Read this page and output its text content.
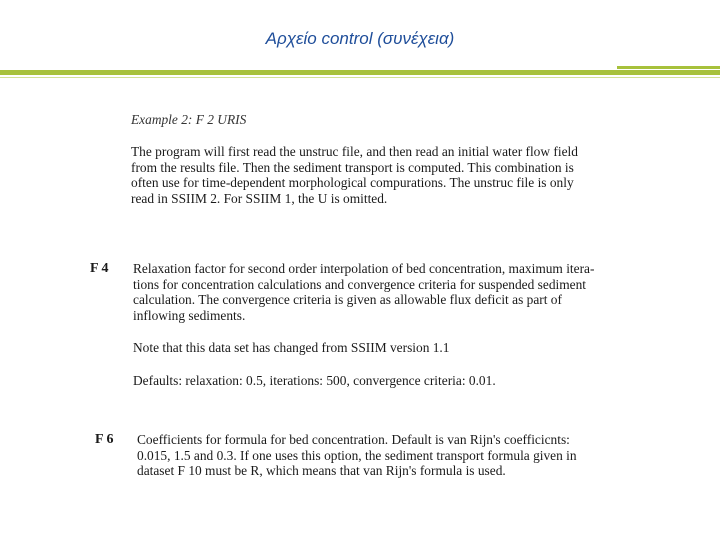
Αρχείο control (συνέχεια)
Example 2: F 2 URIS
The program will first read the unstruc file, and then read an initial water flow field
from the results file. Then the sediment transport is computed. This combination is
often use for time-dependent morphological compurations. The unstruc file is only
read in SSIIM 2. For SSIIM 1, the U is omitted.
F 4 Relaxation factor for second order interpolation of bed concentration, maximum itera-
tions for concentration calculations and convergence criteria for suspended sediment
calculation. The convergence criteria is given as allowable flux deficit as part of
inflowing sediments.
Note that this data set has changed from SSIIM version 1.1
Defaults: relaxation: 0.5, iterations: 500, convergence criteria: 0.01.
F 6 Coefficients for formula for bed concentration. Default is van Rijn's coefficicnts:
0.015, 1.5 and 0.3. If one uses this option, the sediment transport formula given in
dataset F 10 must be R, which means that van Rijn's formula is used.
